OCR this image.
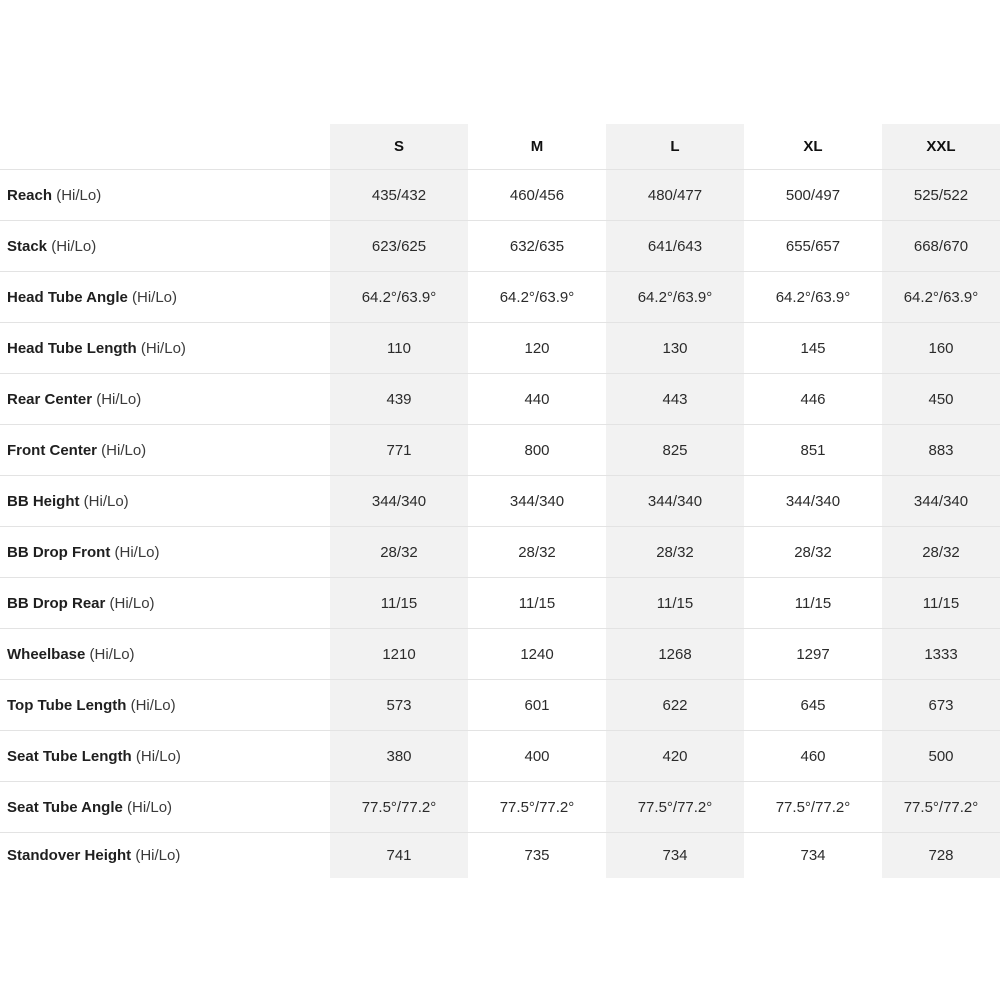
	S	M	L	XL	XXL
Reach (Hi/Lo)	435/432	460/456	480/477	500/497	525/522
Stack (Hi/Lo)	623/625	632/635	641/643	655/657	668/670
Head Tube Angle (Hi/Lo)	64.2°/63.9°	64.2°/63.9°	64.2°/63.9°	64.2°/63.9°	64.2°/63.9°
Head Tube Length (Hi/Lo)	110	120	130	145	160
Rear Center (Hi/Lo)	439	440	443	446	450
Front Center (Hi/Lo)	771	800	825	851	883
BB Height (Hi/Lo)	344/340	344/340	344/340	344/340	344/340
BB Drop Front (Hi/Lo)	28/32	28/32	28/32	28/32	28/32
BB Drop Rear (Hi/Lo)	11/15	11/15	11/15	11/15	11/15
Wheelbase (Hi/Lo)	1210	1240	1268	1297	1333
Top Tube Length (Hi/Lo)	573	601	622	645	673
Seat Tube Length (Hi/Lo)	380	400	420	460	500
Seat Tube Angle (Hi/Lo)	77.5°/77.2°	77.5°/77.2°	77.5°/77.2°	77.5°/77.2°	77.5°/77.2°
Standover Height (Hi/Lo)	741	735	734	734	728
